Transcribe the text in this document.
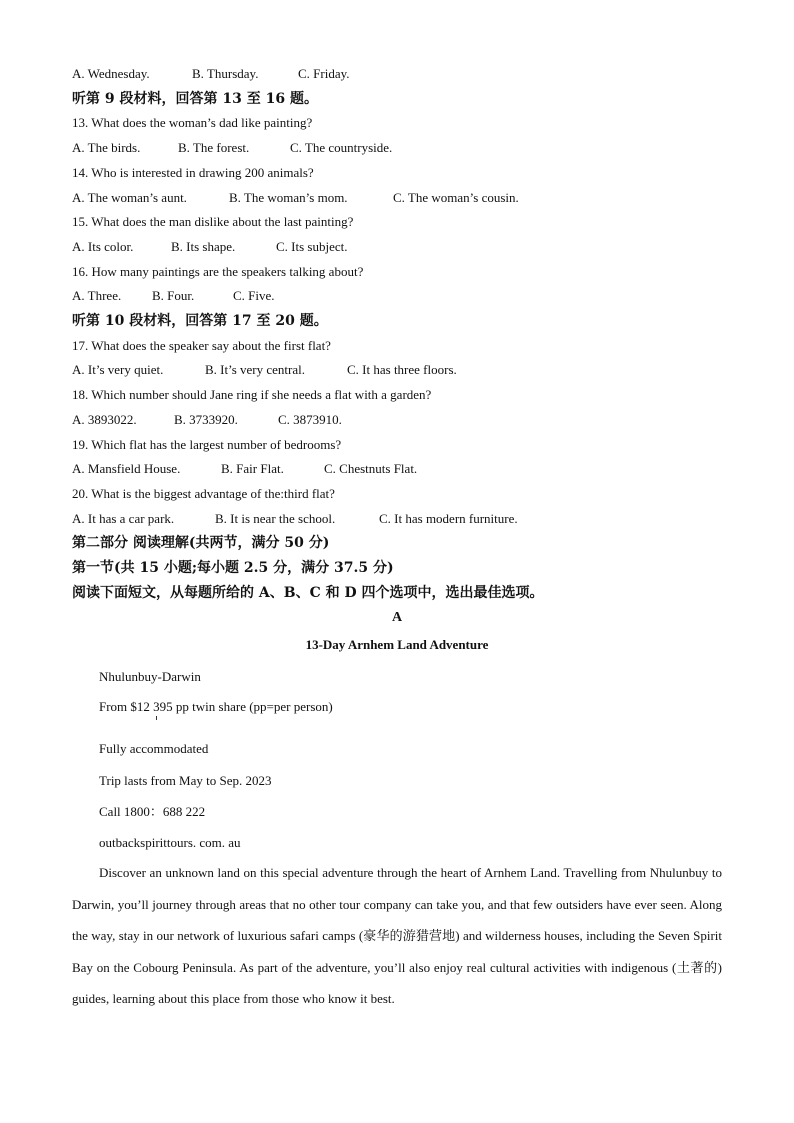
A. Wednesday.	B. Thursday.	C. Friday.
听第 9 段材料，回答第 13 至 16 题。
13. What does the woman’s dad like painting?
A. The birds.	B. The forest.	C. The countryside.
14. Who is interested in drawing 200 animals?
A. The woman’s aunt.	B. The woman’s mom.	C. The woman’s cousin.
15. What does the man dislike about the last painting?
A. Its color.	B. Its shape.	C. Its subject.
16. How many paintings are the speakers talking about?
A. Three. B. Four.	C. Five.
听第 10 段材料，回答第 17 至 20 题。
17. What does the speaker say about the first flat?
A. It’s very quiet.	B. It’s very central.	C. It has three floors.
18. Which number should Jane ring if she needs a flat with a garden?
A. 3893022.	B. 3733920.	C. 3873910.
19. Which flat has the largest number of bedrooms?
A. Mansfield House.	B. Fair Flat.	C. Chestnuts Flat.
20. What is the biggest advantage of the:third flat?
A. It has a car park.	B. It is near the school.	C. It has modern furniture.
第二部分 阅读理解(共两节，满分 50 分)
第一节(共 15 小题;每小题 2.5 分，满分 37.5 分)
阅读下面短文，从每题所给的 A、B、C 和 D 四个选项中，选出最佳选项。
A
13-Day Arnhem Land Adventure
Nhulunbuy-Darwin
From $12 395 pp twin share (pp=per person)
Fully accommodated
Trip lasts from May to Sep. 2023
Call 1800：688 222
outbackspirittours. com. au
Discover an unknown land on this special adventure through the heart of Arnhem Land. Travelling from Nhulunbuy to Darwin, you’ll journey through areas that no other tour company can take you, and that few outsiders have ever seen. Along the way, stay in our network of luxurious safari camps (豪华的游猎营地) and wilderness houses, including the Seven Spirit Bay on the Cobourg Peninsula. As part of the adventure, you’ll also enjoy real cultural activities with indigenous (土著的) guides, learning about this place from those who know it best.
